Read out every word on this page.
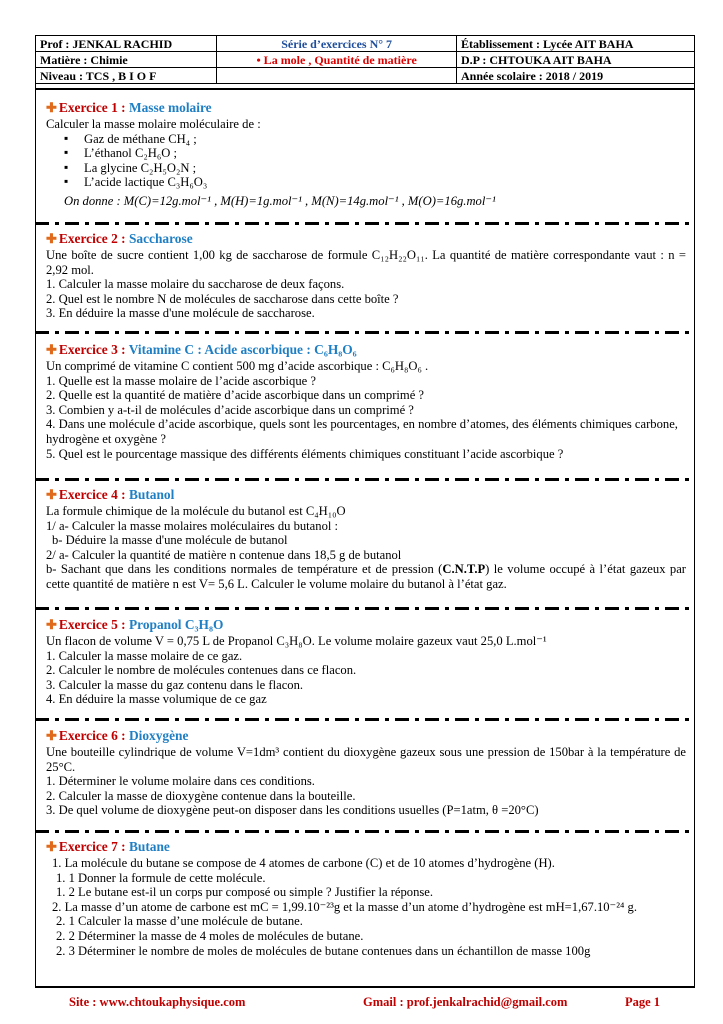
Prof : JENKAL RACHID	Série d’exercices N° 7	Établissement : Lycée AIT BAHA
Matière : Chimie	• La mole , Quantité de matière	D.P : CHTOUKA AIT BAHA
Niveau : TCS , B I O F		Année scolaire : 2018 / 2019
✚ Exercice 1 : Masse molaire

Calculer la masse molaire moléculaire de :

▪ Gaz de méthane CH₄ ;

▪ L’éthanol C₂H₆O ;

▪ La glycine C₂H₅O₂N ;

▪ L’acide lactique C₃H₆O₃

On donne : M(C)=12g.mol⁻¹ , M(H)=1g.mol⁻¹ , M(N)=14g.mol⁻¹ , M(O)=16g.mol⁻¹

✚ Exercice 2 : Saccharose

Une boîte de sucre contient 1,00 kg de saccharose de formule C₁₂H₂₂O₁₁. La quantité de matière correspondante vaut : n = 2,92 mol.

1. Calculer la masse molaire du saccharose de deux façons.

2. Quel est le nombre N de molécules de saccharose dans cette boîte ?

3. En déduire la masse d'une molécule de saccharose.

✚ Exercice 3 : Vitamine C : Acide ascorbique : C₆H₈O₆

Un comprimé de vitamine C contient 500 mg d’acide ascorbique : C₆H₈O₆ .

1. Quelle est la masse molaire de l’acide ascorbique ?

2. Quelle est la quantité de matière d’acide ascorbique dans un comprimé ?

3. Combien y a-t-il de molécules d’acide ascorbique dans un comprimé ?

4. Dans une molécule d’acide ascorbique, quels sont les pourcentages, en nombre d’atomes, des éléments chimiques carbone, hydrogène et oxygène ?

5. Quel est le pourcentage massique des différents éléments chimiques constituant l’acide ascorbique ?

✚ Exercice 4 : Butanol

La formule chimique de la molécule du butanol est C₄H₁₀O

1/ a- Calculer la masse molaires moléculaires du butanol :

b- Déduire la masse d'une molécule de butanol

2/ a- Calculer la quantité de matière n contenue dans 18,5 g de butanol

b- Sachant que dans les conditions normales de température et de pression (C.N.T.P) le volume occupé à l’état gazeux par cette quantité de matière n est V= 5,6 L. Calculer le volume molaire du butanol à l’état gaz.

✚ Exercice 5 : Propanol C₃H₈O

Un flacon de volume V = 0,75 L de Propanol C₃H₈O. Le volume molaire gazeux vaut 25,0 L.mol⁻¹

1. Calculer la masse molaire de ce gaz.

2. Calculer le nombre de molécules contenues dans ce flacon.

3. Calculer la masse du gaz contenu dans le flacon.

4. En déduire la masse volumique de ce gaz

✚ Exercice 6 : Dioxygène

Une bouteille cylindrique de volume V=1dm³ contient du dioxygène gazeux sous une pression de 150bar à la température de 25°C.

1. Déterminer le volume molaire dans ces conditions.

2. Calculer la masse de dioxygène contenue dans la bouteille.

3. De quel volume de dioxygène peut-on disposer dans les conditions usuelles (P=1atm, θ =20°C)

✚ Exercice 7 : Butane

1. La molécule du butane se compose de 4 atomes de carbone (C) et de 10 atomes d’hydrogène (H).

1. 1 Donner la formule de cette molécule.

1. 2 Le butane est-il un corps pur composé ou simple ? Justifier la réponse.

2. La masse d’un atome de carbone est mC = 1,99.10⁻²³g et la masse d’un atome d’hydrogène est mH=1,67.10⁻²⁴ g.

2. 1 Calculer la masse d’une molécule de butane.

2. 2 Déterminer la masse de 4 moles de molécules de butane.

2. 3 Déterminer le nombre de moles de molécules de butane contenues dans un échantillon de masse 100g

Site : www.chtoukaphysique.com	Gmail : prof.jenkalrachid@gmail.com	Page 1
